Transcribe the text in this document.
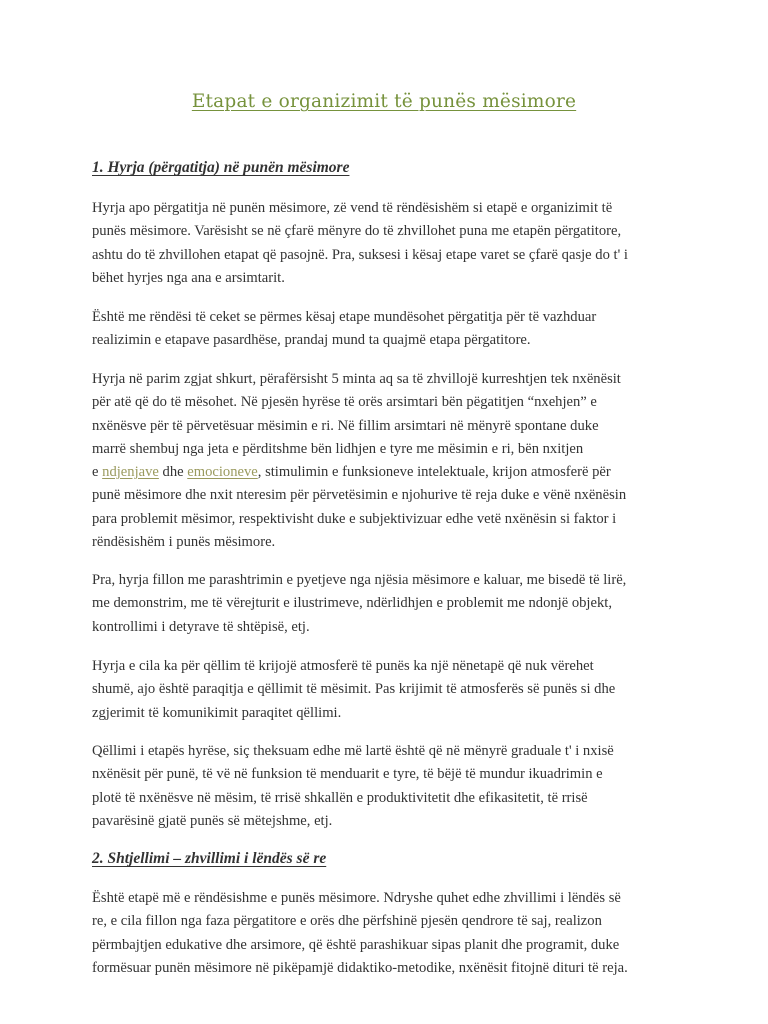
Etapat e organizimit të punës mësimore
1. Hyrja (përgatitja) në punën mësimore
Hyrja apo përgatitja në punën mësimore, zë vend të rëndësishëm si etapë e organizimit të
punës mësimore. Varësisht se në çfarë mënyre do të zhvillohet puna me etapën përgatitore,
ashtu do të zhvillohen etapat që pasojnë. Pra, suksesi i kësaj etape varet se çfarë qasje do t' i
bëhet hyrjes nga ana e arsimtarit.
Është me rëndësi të ceket se përmes kësaj etape mundësohet përgatitja për të vazhduar
realizimin e etapave pasardhëse, prandaj mund ta quajmë etapa përgatitore.
Hyrja në parim zgjat shkurt, përafërsisht 5 minta aq sa të zhvillojë kurreshtjen tek nxënësit
për atë që do të mësohet. Në pjesën hyrëse të orës arsimtari bën pëgatitjen “nxehjen” e
nxënësve për të përvetësuar mësimin e ri. Në fillim arsimtari në mënyrë spontane duke
marrë shembuj nga jeta e përditshme bën lidhjen e tyre me mësimin e ri, bën nxitjen
e ndjenjave dhe emocioneve, stimulimin e funksioneve intelektuale, krijon atmosferë për
punë mësimore dhe nxit nteresim për përvetësimin e njohurive të reja duke e vënë nxënësin
para problemit mësimor, respektivisht duke e subjektivizuar edhe vetë nxënësin si faktor i
rëndësishëm i punës mësimore.
Pra, hyrja fillon me parashtrimin e pyetjeve nga njësia mësimore e kaluar, me bisedë të lirë,
me demonstrim, me të vërejturit e ilustrimeve, ndërlidhjen e problemit me ndonjë objekt,
kontrollimi i detyrave të shtëpisë, etj.
Hyrja e cila ka për qëllim të krijojë atmosferë të punës ka një nënetapë që nuk vërehet
shumë, ajo është paraqitja e qëllimit të mësimit. Pas krijimit të atmosferës së punës si dhe
zgjerimit të komunikimit paraqitet qëllimi.
Qëllimi i etapës hyrëse, siç theksuam edhe më lartë është që në mënyrë graduale t' i nxisë
nxënësit për punë, të vë në funksion të menduarit e tyre, të bëjë të mundur ikuadrimin e
plotë të nxënësve në mësim, të rrisë shkallën e produktivitetit dhe efikasitetit, të rrisë
pavarësinë gjatë punës së mëtejshme, etj.
2. Shtjellimi – zhvillimi i lëndës së re
Është etapë më e rëndësishme e punës mësimore. Ndryshe quhet edhe zhvillimi i lëndës së
re, e cila fillon nga faza përgatitore e orës dhe përfshinë pjesën qendrore të saj, realizon
përmbajtjen edukative dhe arsimore, që është parashikuar sipas planit dhe programit, duke
formësuar punën mësimore në pikëpamjë didaktiko-metodike, nxënësit fitojnë dituri të reja.
